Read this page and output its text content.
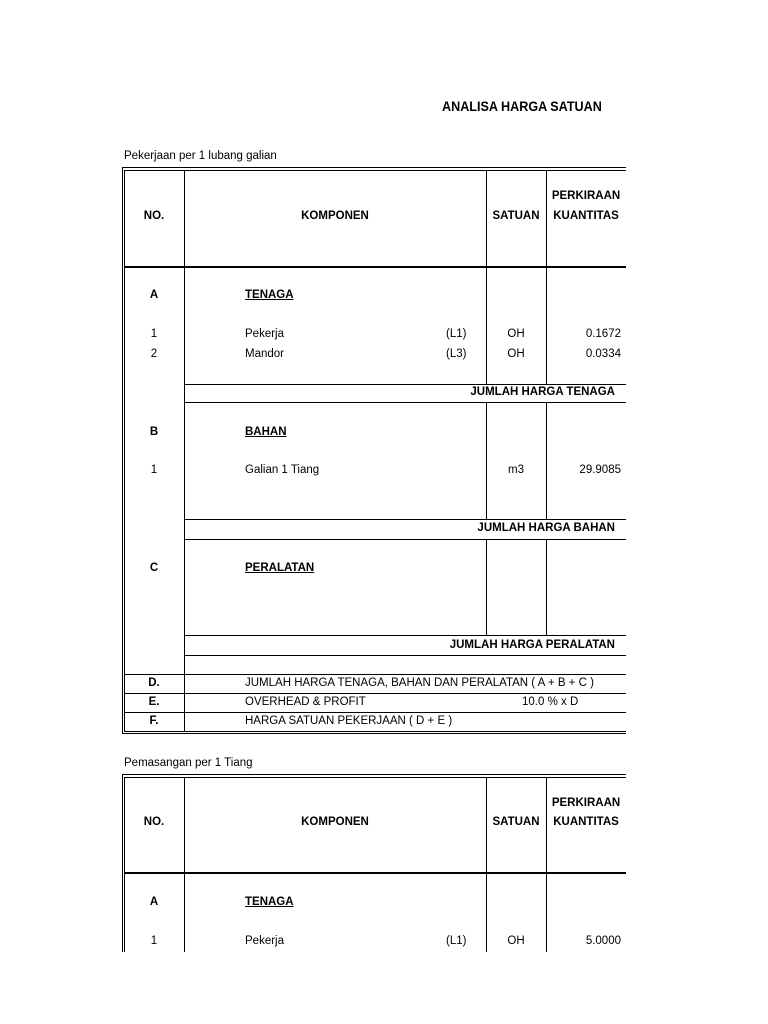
ANALISA HARGA SATUAN
Pekerjaan per 1 lubang galian
NO.	KOMPONEN	SATUAN
PERKIRAAN
KUANTITAS
A	TENAGA
1	Pekerja	(L1)	OH	0.1672
2	Mandor	(L3)	OH	0.0334
JUMLAH HARGA TENAGA
B	BAHAN
1	Galian 1 Tiang	m3	29.9085
JUMLAH HARGA BAHAN
C	PERALATAN
JUMLAH HARGA PERALATAN
D.	JUMLAH HARGA TENAGA, BAHAN DAN PERALATAN ( A + B + C )
E.	OVERHEAD & PROFIT	10.0 % x D
F.	HARGA SATUAN PEKERJAAN ( D + E )
Pemasangan per 1 Tiang
NO.	KOMPONEN	SATUAN
PERKIRAAN
KUANTITAS
A	TENAGA
1	Pekerja	(L1)	OH	5.0000
